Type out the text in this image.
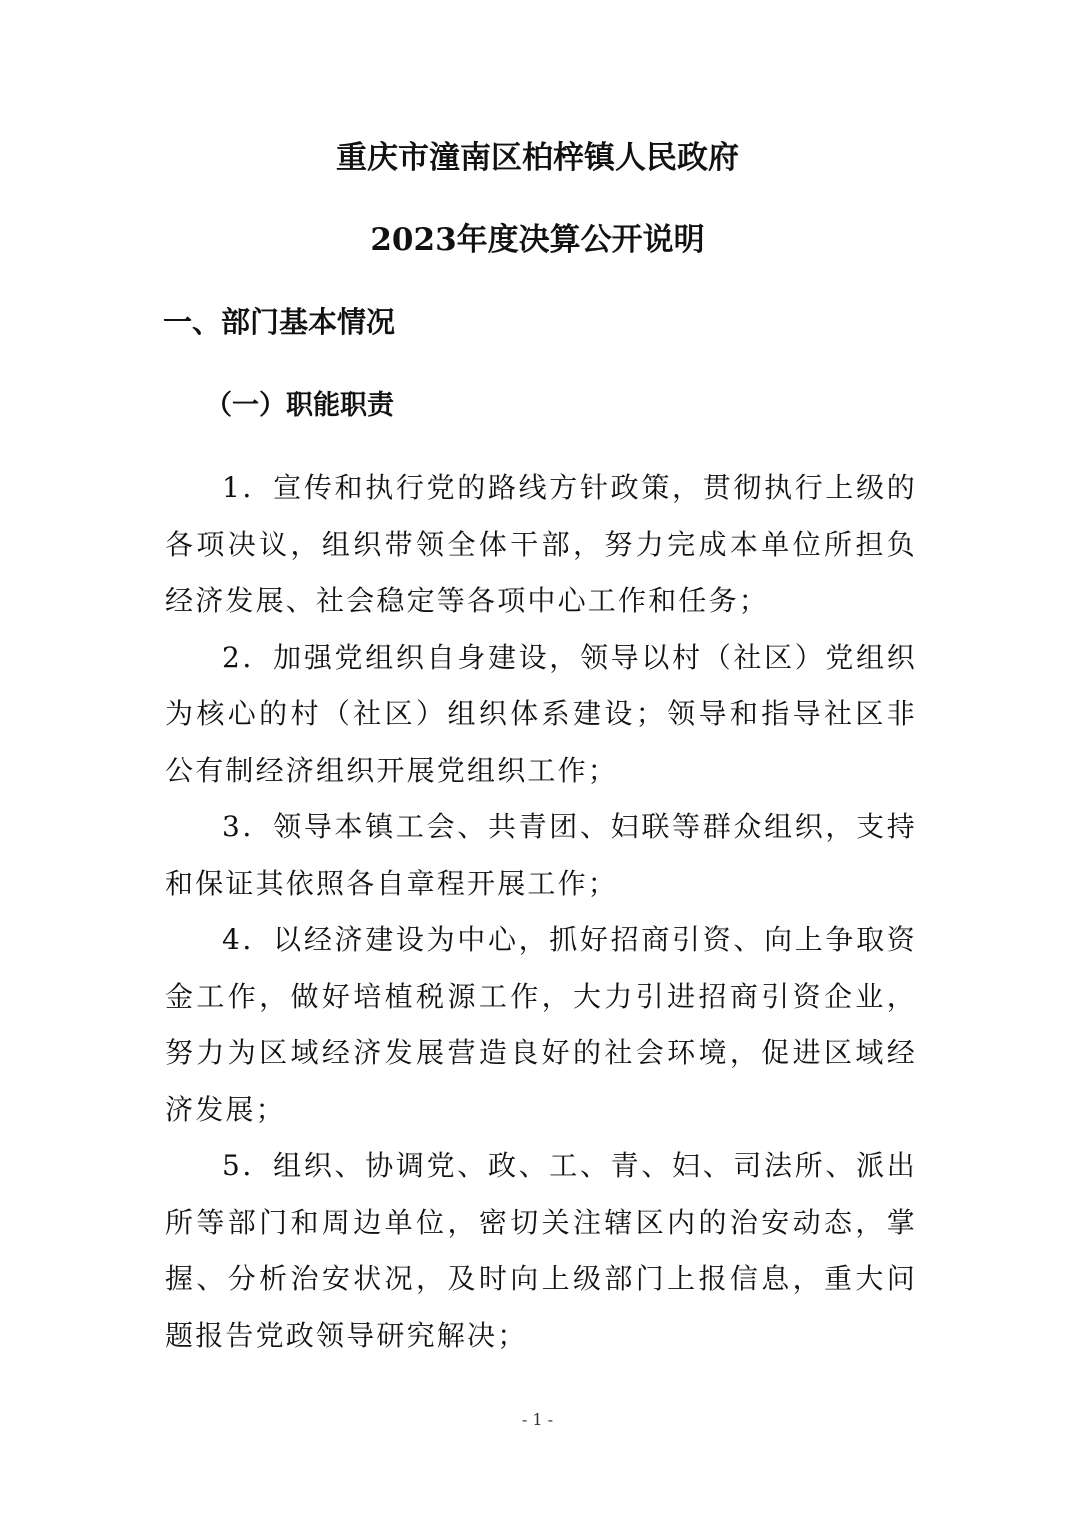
重庆市潼南区柏梓镇人民政府
2023年度决算公开说明
一、部门基本情况
（一）职能职责

1．宣传和执行党的路线方针政策，贯彻执行上级的各项决议，组织带领全体干部，努力完成本单位所担负经济发展、社会稳定等各项中心工作和任务；

2．加强党组织自身建设，领导以村（社区）党组织为核心的村（社区）组织体系建设；领导和指导社区非公有制经济组织开展党组织工作；

3．领导本镇工会、共青团、妇联等群众组织，支持和保证其依照各自章程开展工作；

4．以经济建设为中心，抓好招商引资、向上争取资金工作，做好培植税源工作，大力引进招商引资企业，努力为区域经济发展营造良好的社会环境，促进区域经济发展；

5．组织、协调党、政、工、青、妇、司法所、派出所等部门和周边单位，密切关注辖区内的治安动态，掌握、分析治安状况，及时向上级部门上报信息，重大问题报告党政领导研究解决；

- 1 -
